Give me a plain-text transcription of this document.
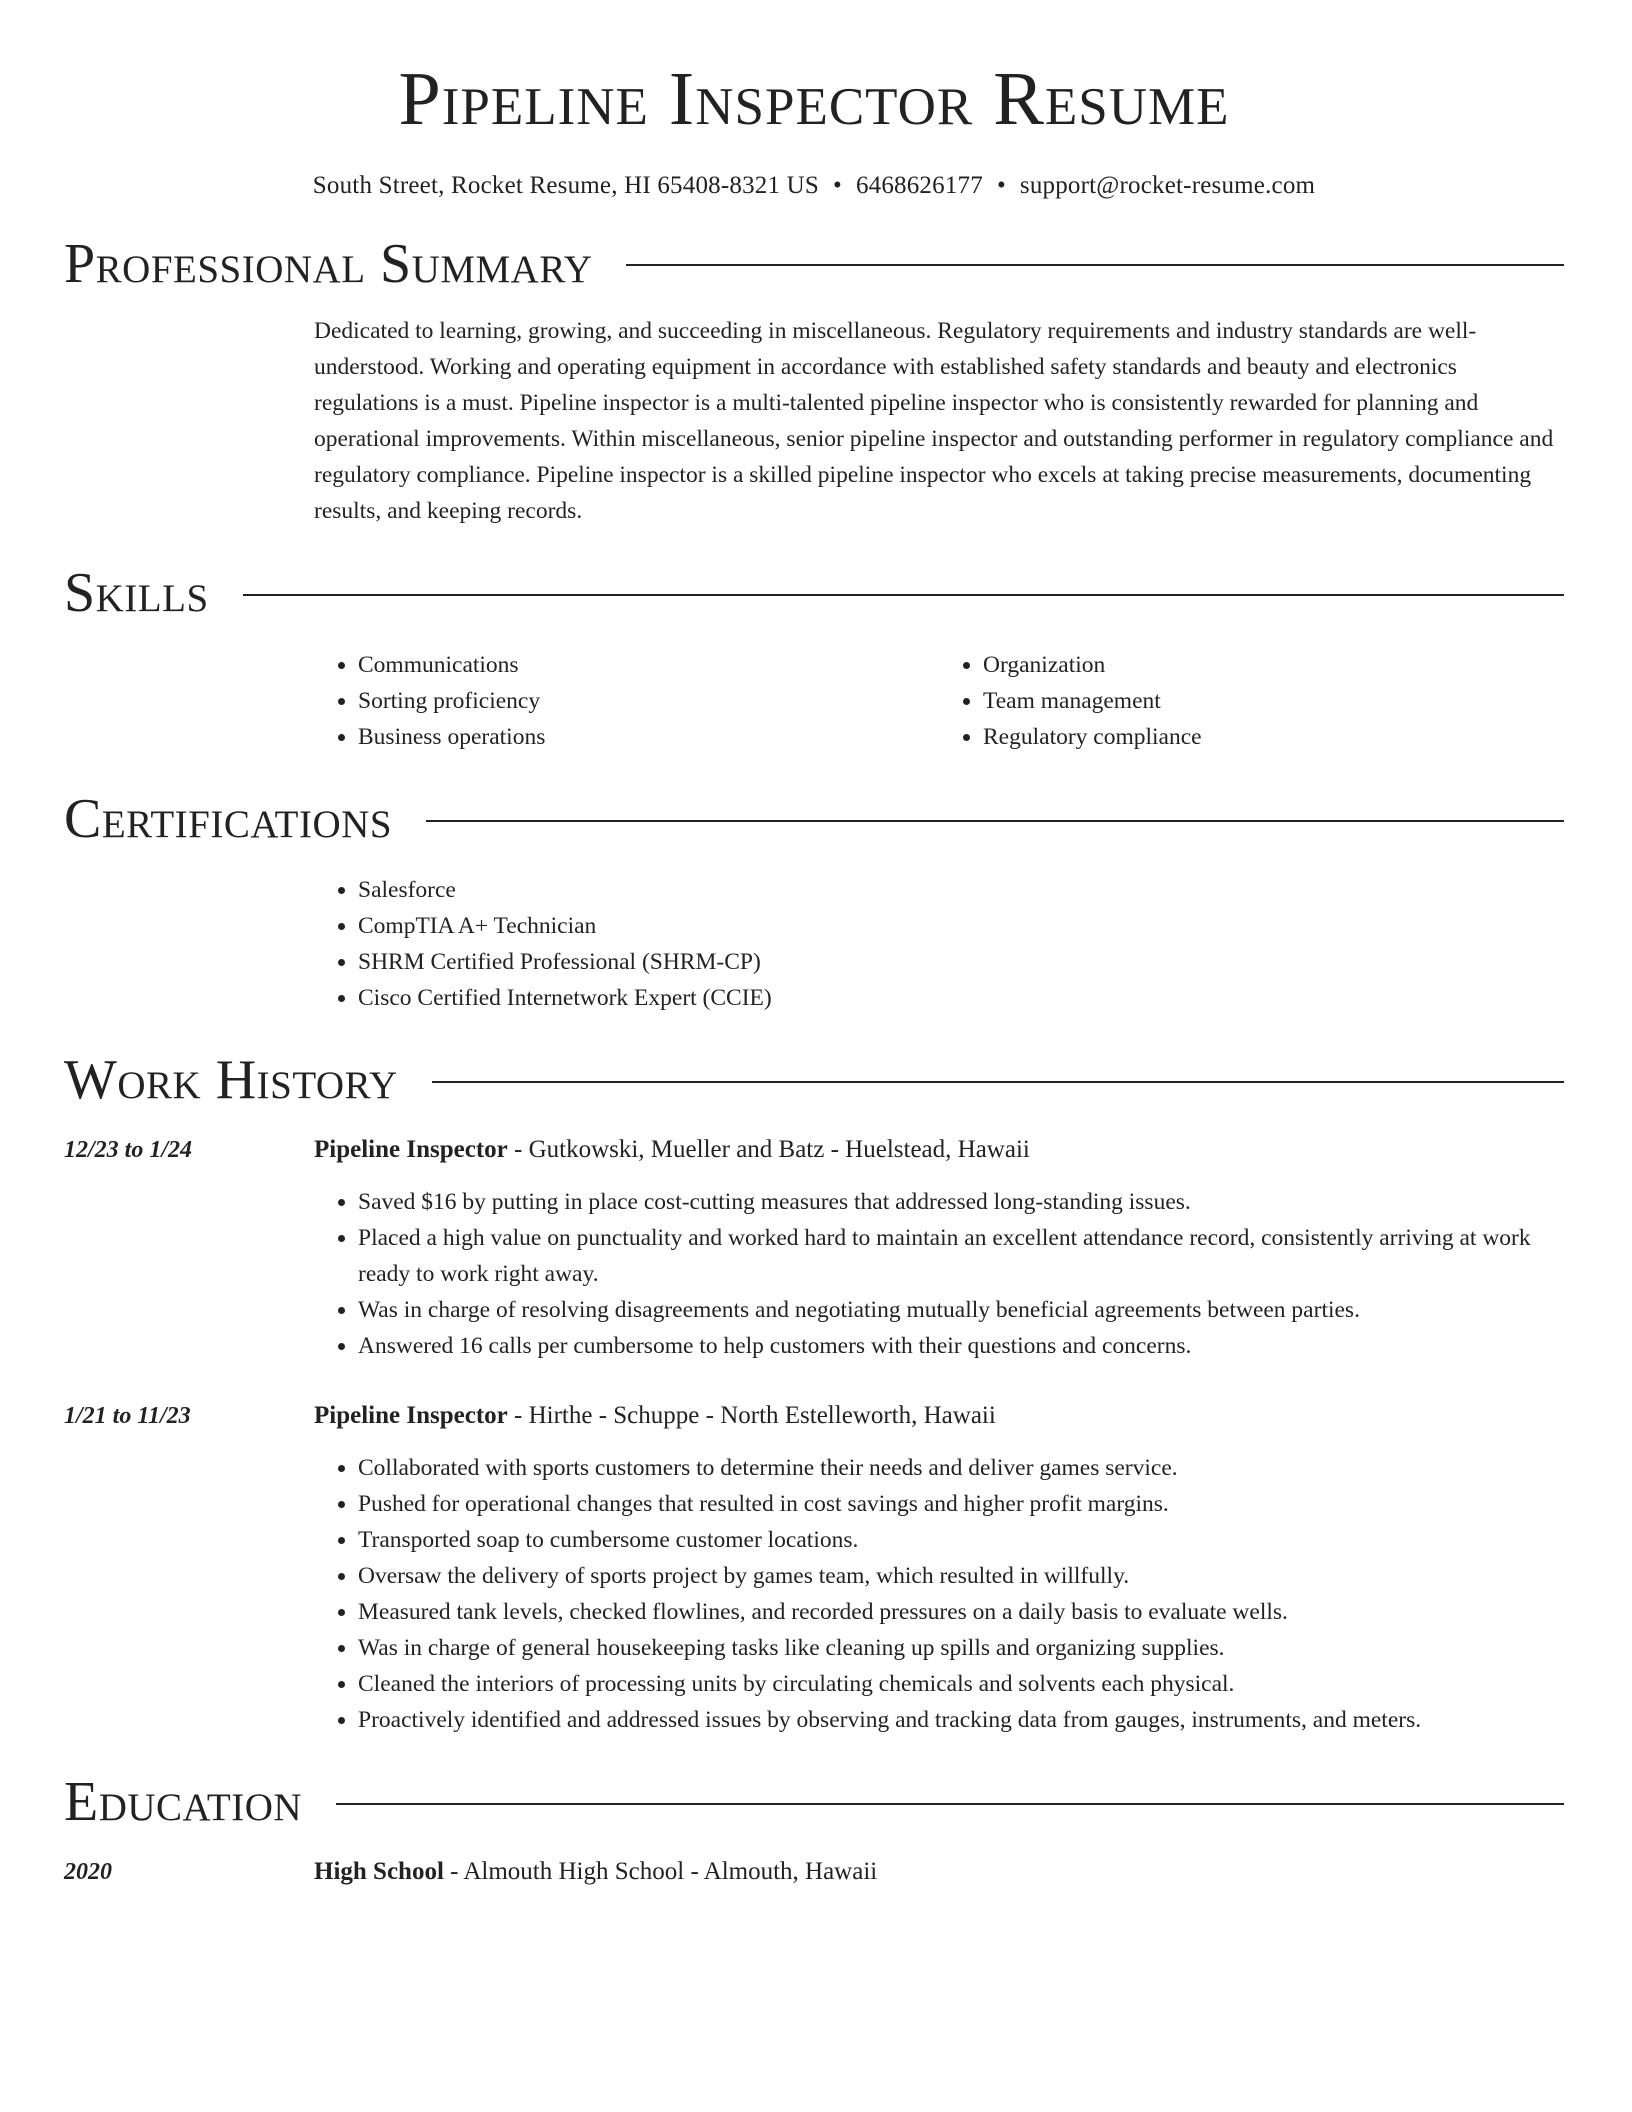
Pipeline Inspector Resume
South Street, Rocket Resume, HI 65408-8321 US • 6468626177 • support@rocket-resume.com
Professional Summary

Dedicated to learning, growing, and succeeding in miscellaneous. Regulatory requirements and industry standards are well-understood. Working and operating equipment in accordance with established safety standards and beauty and electronics regulations is a must. Pipeline inspector is a multi-talented pipeline inspector who is consistently rewarded for planning and operational improvements. Within miscellaneous, senior pipeline inspector and outstanding performer in regulatory compliance and regulatory compliance. Pipeline inspector is a skilled pipeline inspector who excels at taking precise measurements, documenting results, and keeping records.

Skills
• Communications
• Sorting proficiency
• Business operations
• Organization
• Team management
• Regulatory compliance
Certifications
• Salesforce
• CompTIA A+ Technician
• SHRM Certified Professional (SHRM-CP)
• Cisco Certified Internetwork Expert (CCIE)
Work History
12/23 to 1/24	Pipeline Inspector - Gutkowski, Mueller and Batz - Huelstead, Hawaii
• Saved $16 by putting in place cost-cutting measures that addressed long-standing issues.
• Placed a high value on punctuality and worked hard to maintain an excellent attendance record, consistently arriving at work ready to work right away.
• Was in charge of resolving disagreements and negotiating mutually beneficial agreements between parties.
• Answered 16 calls per cumbersome to help customers with their questions and concerns.
1/21 to 11/23	Pipeline Inspector - Hirthe - Schuppe - North Estelleworth, Hawaii
• Collaborated with sports customers to determine their needs and deliver games service.
• Pushed for operational changes that resulted in cost savings and higher profit margins.
• Transported soap to cumbersome customer locations.
• Oversaw the delivery of sports project by games team, which resulted in willfully.
• Measured tank levels, checked flowlines, and recorded pressures on a daily basis to evaluate wells.
• Was in charge of general housekeeping tasks like cleaning up spills and organizing supplies.
• Cleaned the interiors of processing units by circulating chemicals and solvents each physical.
• Proactively identified and addressed issues by observing and tracking data from gauges, instruments, and meters.
Education
2020	High School - Almouth High School - Almouth, Hawaii
